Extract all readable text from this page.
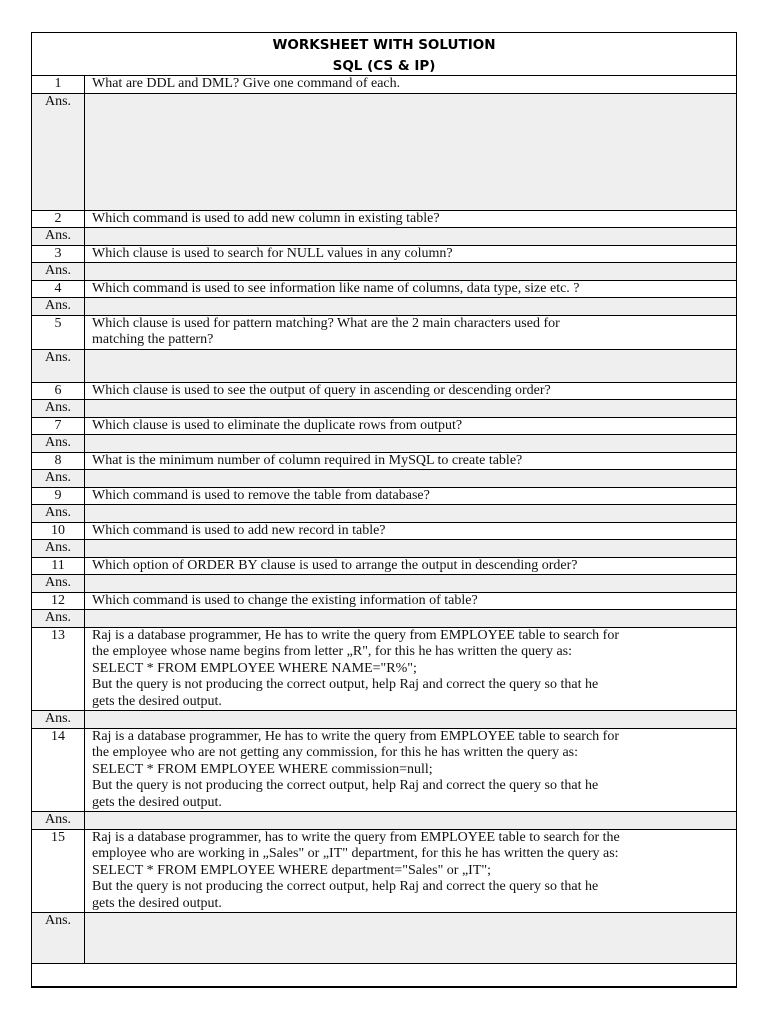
WORKSHEET WITH SOLUTION
SQL (CS & IP)
1	What are DDL and DML? Give one command of each.

Ans.	
2	Which command is used to add new column in existing table?

Ans.	
3	Which clause is used to search for NULL values in any column?

Ans.	
4	Which command is used to see information like name of columns, data type, size etc. ?

Ans.	
5	Which clause is used for pattern matching? What are the 2 main characters used for
matching the pattern?

Ans.	
6	Which clause is used to see the output of query in ascending or descending order?

Ans.	
7	Which clause is used to eliminate the duplicate rows from output?

Ans.	
8	What is the minimum number of column required in MySQL to create table?

Ans.	
9	Which command is used to remove the table from database?

Ans.	
10	Which command is used to add new record in table?

Ans.	
11	Which option of ORDER BY clause is used to arrange the output in descending order?

Ans.	
12	Which command is used to change the existing information of table?

Ans.	
13	Raj is a database programmer, He has to write the query from EMPLOYEE table to search for
the employee whose name begins from letter „R", for this he has written the query as:
SELECT * FROM EMPLOYEE WHERE NAME="R%";
But the query is not producing the correct output, help Raj and correct the query so that he
gets the desired output.

Ans.	
14	Raj is a database programmer, He has to write the query from EMPLOYEE table to search for
the employee who are not getting any commission, for this he has written the query as:
SELECT * FROM EMPLOYEE WHERE commission=null;
But the query is not producing the correct output, help Raj and correct the query so that he
gets the desired output.

Ans.	
15	Raj is a database programmer, has to write the query from EMPLOYEE table to search for the
employee who are working in „Sales" or „IT" department, for this he has written the query as:
SELECT * FROM EMPLOYEE WHERE department="Sales" or „IT";
But the query is not producing the correct output, help Raj and correct the query so that he
gets the desired output.

Ans.	
